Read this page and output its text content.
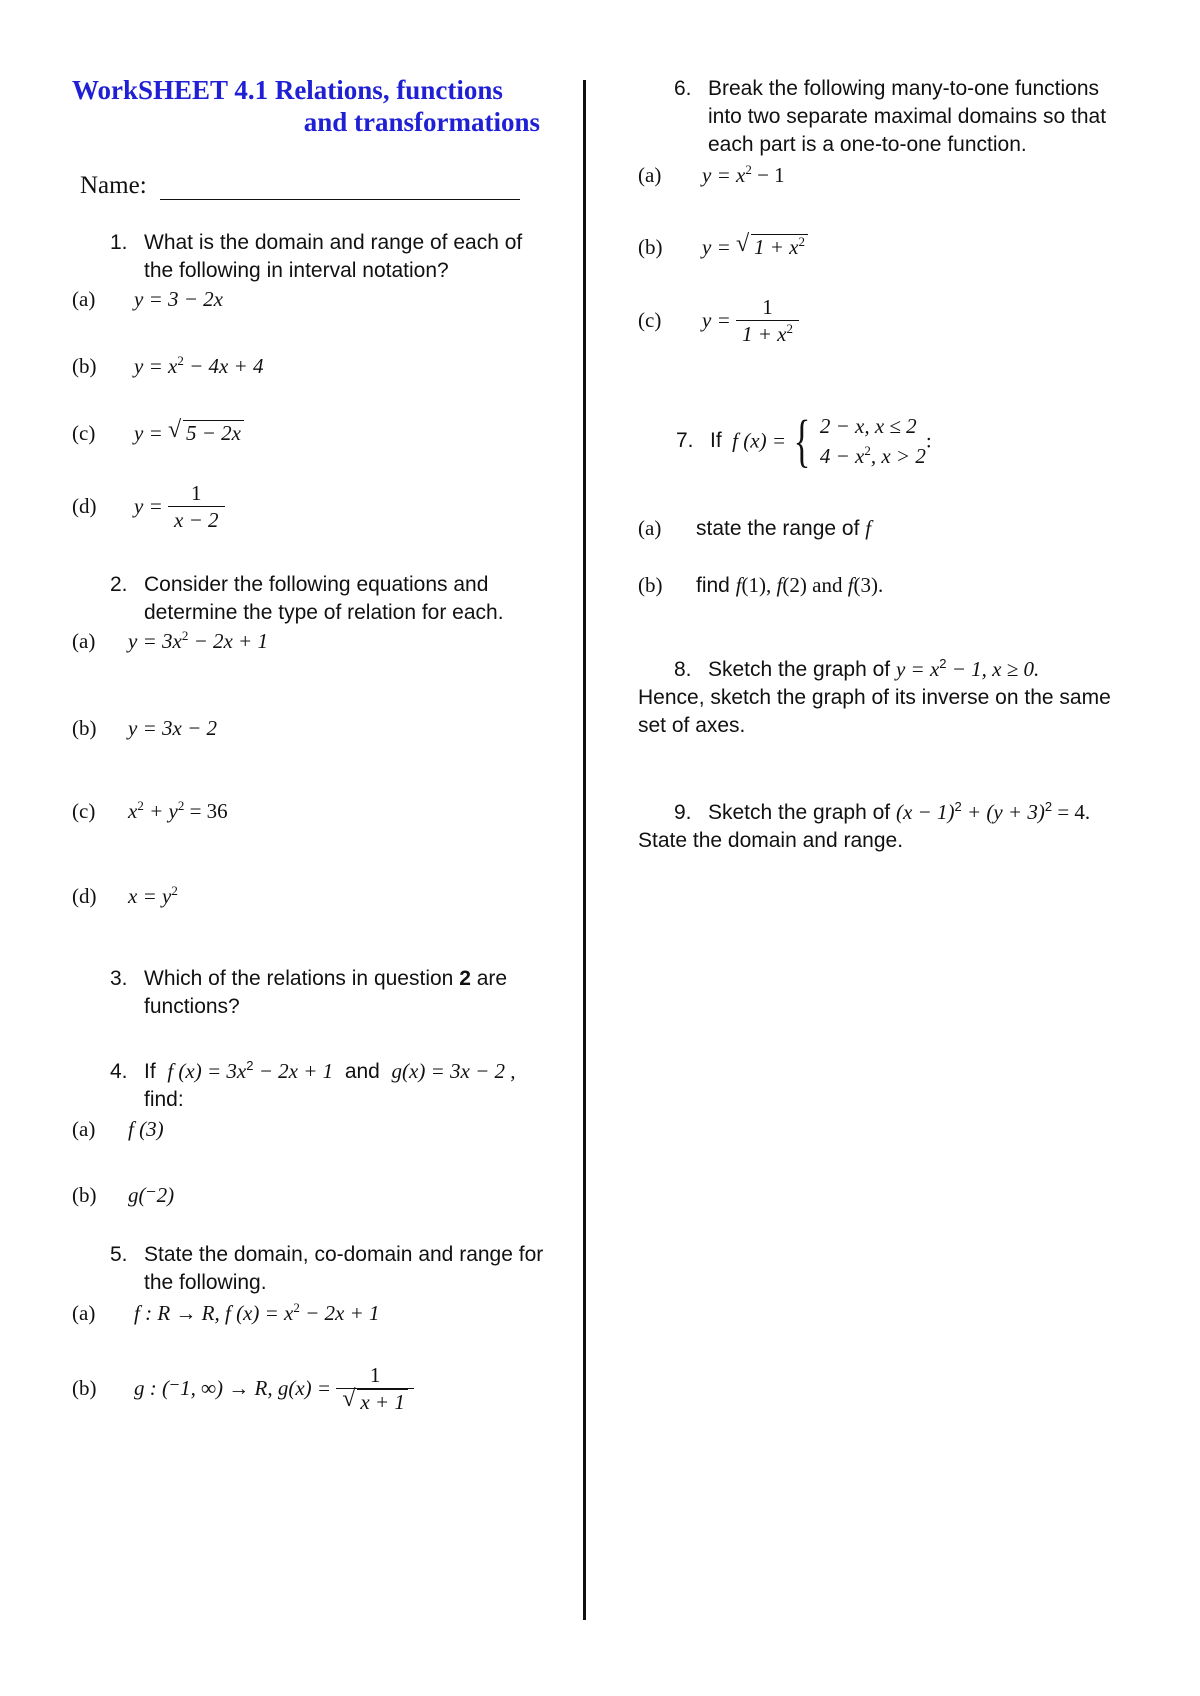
WorkSHEET 4.1 Relations, functions
and transformations
Name:
1. What is the domain and range of each of
the following in interval notation?
(a) y = 3 − 2x
(b) $y = x^2 - 4x + 4$
(c) y = √ 5 − 2x
(d) $y = \frac{1}{x - 2}$
2. Consider the following equations and
determine the type of relation for each.
(a) $y = 3x^2 - 2x + 1$
(b) y = 3x − 2
(c) $x^2 + y^2 = 36$
(d) $x = y^2$
3. Which of the relations in question 2 are
functions?
4. If f $(x) = 3x^2 - 2x + 1$ and g(x) = 3x − 2 ,
find:
(a) f (3)
(b) g(⁻2)
5. State the domain, co-domain and range for
the following.
(a) f : R → R, f $(x) = x^2 - 2x + 1$
(b) g : (⁻1, ∞) → R, $g(x) = \frac{1}{√ x + 1}$
6. Break the following many-to-one functions
into two separate maximal domains so that
each part is a one-to-one function.
(a) $y = x^2 - 1$
(b) y = √ $1 + x^2$
(c) $y = \frac{1}{1 + x^2}$
7. If f (x) = { 2 − x, x ≤ 2
$4 - x^2$, x > 2
:
(a) state the range of f
(b) find f(1), f(2) and f(3).
8. Sketch the graph of $y = x^2 - 1$, x ≥ 0.
Hence, sketch the graph of its inverse on the same
set of axes.
9. Sketch the graph of $(x - 1)^2 + (y + 3)^2 = 4$.
State the domain and range.
